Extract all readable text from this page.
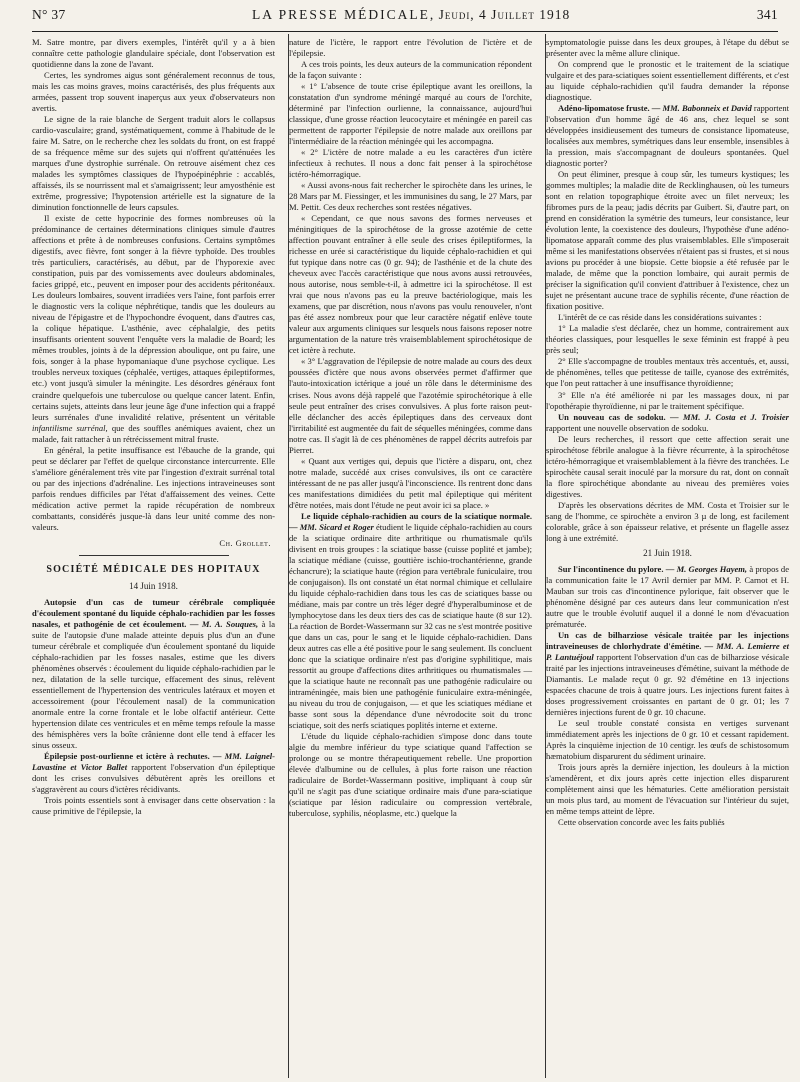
N° 37	LA PRESSE MÉDICALE, Jeudi, 4 Juillet 1918	341

M. Satre montre, par divers exemples, l'intérêt qu'il y a à bien connaître cette pathologie glandulaire spéciale, dont l'observation est quotidienne dans la zone de l'avant.

Certes, les syndromes aigus sont généralement reconnus de tous, mais les cas moins graves, moins caractérisés, des plus fréquents aux armées, passent trop souvent inaperçus aux yeux d'observateurs non avertis.

Le signe de la raie blanche de Sergent traduit alors le collapsus cardio-vasculaire; grand, systématiquement, comme à l'habitude de le faire M. Satre, on le recherche chez les soldats du front, on est frappé de sa fréquence même sur des sujets qui n'offrent qu'atténuées les marques d'une dystrophie surrénale. On retrouve aisément chez ces malades les symptômes classiques de l'hypoépinéphrie : accablés, affaissés, ils se nourrissent mal et s'amaigrissent; leur amyosthénie est extrême, progressive; l'hypotension artérielle est la signature de la diminution fonctionnelle de leurs capsules.

Il existe de cette hypocrinie des formes nombreuses où la prédominance de certaines déterminations cliniques simule d'autres affections et prête à de nombreuses confusions. Certains symptômes digestifs, avec fièvre, font songer à la fièvre typhoïde. Des troubles très particuliers, caractérisés, au début, par de l'hyporexie avec constipation, puis par des vomissements avec douleurs abdominales, facies grippé, etc., peuvent en imposer pour des accidents péritonéaux. Les douleurs lombaires, souvent irradiées vers l'aine, font parfois errer le diagnostic vers la colique néphrétique, tandis que les douleurs au niveau de l'épigastre et de l'hypochondre évoquent, dans d'autres cas, la colique hépatique. L'asthénie, avec céphalalgie, des petits insuffisants orientent souvent l'enquête vers la maladie de Board; les mêmes troubles, joints à de la dépression aboulique, ont pu faire, une fois, songer à la phase hypomaniaque d'une psychose cyclique. Les troubles nerveux toxiques (céphalée, vertiges, attaques épileptiformes, etc.) vont jusqu'à simuler la méningite. Les désordres généraux font craindre quelquefois une tuberculose ou quelque cancer latent. Enfin, certains sujets, atteints dans leur jeune âge d'une infection qui a frappé leurs surrénales d'une invalidité relative, présentent un véritable infantilisme surrénal, que des souffles anémiques avaient, chez un malade, fait rattacher à un rétrécissement mitral fruste.

En général, la petite insuffisance est l'ébauche de la grande, qui peut se déclarer par l'effet de quelque circonstance intercurrente. Elle s'améliore généralement très vite par l'ingestion d'extrait surrénal total ou par des injections d'adrénaline. Les injections intraveineuses sont parfois rendues difficiles par l'état d'affaissement des veines. Cette médication active permet la rapide récupération de nombreux combattants, considérés jusque-là dans leur unité comme des non-valeurs.

Ch. Grollet.
SOCIÉTÉ MÉDICALE DES HOPITAUX
14 Juin 1918.

Autopsie d'un cas de tumeur cérébrale compliquée d'écoulement spontané du liquide céphalo-rachidien par les fosses nasales, et pathogénie de cet écoulement. — M. A. Souques, à la suite de l'autopsie d'une malade atteinte depuis plus d'un an d'une tumeur cérébrale et compliquée d'un écoulement spontané du liquide céphalo-rachidien par les fosses nasales, estime que les divers phénomènes observés : écoulement du liquide céphalo-rachidien par le nez, dilatation de la selle turcique, effacement des sinus, relèvent essentiellement de l'hypertension des ventricules latéraux et moyen et accessoirement (pour l'écoulement nasal) de la communication anormale entre la corne frontale et le lobe olfactif antérieur. Cette hypertension dilate ces ventricules et en même temps refoule la masse des hémisphères vers la boîte crânienne dont elle tend à effacer les sinus osseux.

Épilepsie post-ourlienne et ictère à rechutes. — MM. Laignel-Lavastine et Victor Ballet rapportent l'observation d'un épileptique dont les crises convulsives débutèrent après les oreillons et s'aggravèrent au cours d'ictères récidivants.

Trois points essentiels sont à envisager dans cette observation : la cause primitive de l'épilepsie, la

nature de l'ictère, le rapport entre l'évolution de l'ictère et de l'épilepsie.

A ces trois points, les deux auteurs de la communication répondent de la façon suivante :

« 1° L'absence de toute crise épileptique avant les oreillons, la constatation d'un syndrome méningé marqué au cours de l'orchite, déterminé par l'infection ourlienne, la connaissance, aujourd'hui classique, d'une grosse réaction leucocytaire et méningée en pareil cas permettent de rapporter l'épilepsie de notre malade aux oreillons par l'intermédiaire de la réaction méningée qui les accompagna.

« 2° L'ictère de notre malade a eu les caractères d'un ictère infectieux à rechutes. Il nous a donc fait penser à la spirochétose ictéro-hémorragique.

« Aussi avons-nous fait rechercher le spirochète dans les urines, le 28 Mars par M. Fiessinger, et les immunisines du sang, le 27 Mars, par M. Pettit. Ces deux recherches sont restées négatives.

« Cependant, ce que nous savons des formes nerveuses et méningitiques de la spirochétose de la grosse azotémie de cette affection pouvant entraîner à elle seule des crises épileptiformes, la richesse en urée si caractéristique du liquide céphalo-rachidien et qui fut typique dans notre cas (0 gr. 94); de l'asthénie et de la chute des cheveux avec l'accès caractéristique que nous avons aussi retrouvées, nous autorise, nous semble-t-il, à admettre ici la spirochétose. Il est vrai que nous n'avons pas eu la preuve bactériologique, mais les examens, que par discrétion, nous n'avons pas voulu renouveler, n'ont pas été assez nombreux pour que leur caractère négatif enlève toute valeur aux arguments cliniques sur lesquels nous faisons reposer notre argumentation de la nature très vraisemblablement spirochétosique de cet ictère à rechute.

« 3° L'aggravation de l'épilepsie de notre malade au cours des deux poussées d'ictère que nous avons observées permet d'affirmer que l'auto-intoxication ictérique a joué un rôle dans le déterminisme des crises. Nous avons déjà rappelé que l'azotémie spirochétorique à elle seule peut entraîner des crises convulsives. A plus forte raison peut-elle déclancher des accès épileptiques dans des cerveaux dont l'irritabilité est augmentée du fait de séquelles méningées, comme dans notre cas. Il s'agit là de ces phénomènes de rappel décrits autrefois par Pierret.

« Quant aux vertiges qui, depuis que l'ictère a disparu, ont, chez notre malade, succédé aux crises convulsives, ils ont ce caractère intéressant de ne pas aller jusqu'à l'inconscience. Ils rentrent donc dans ces manifestations dimidiées du petit mal épileptique qui méritent d'être notées, mais dont l'étude ne peut avoir ici sa place. »

Le liquide céphalo-rachidien au cours de la sciatique normale. — MM. Sicard et Roger étudient le liquide céphalo-rachidien au cours de la sciatique ordinaire dite arthritique ou rhumatismale qu'ils divisent en trois groupes : la sciatique basse (cuisse poplité et jambe); la sciatique médiane (cuisse, gouttière ischio-trochantérienne, grande échancrure); la sciatique haute (région para vertébrale funiculaire, trou de conjugaison). Ils ont constaté un état normal chimique et cellulaire du liquide céphalo-rachidien dans tous les cas de sciatiques basse ou médiane, mais par contre un très léger degré d'hyperalbuminose et de lymphocytose dans les deux tiers des cas de sciatique haute (8 sur 12). La réaction de Bordet-Wassermann sur 32 cas ne s'est montrée positive que dans un cas, pour le sang et le liquide céphalo-rachidien. Dans deux autres cas elle a été positive pour le sang seulement. Ils concluent donc que la sciatique ordinaire n'est pas d'origine syphilitique, mais ressortit au groupe d'affections dites arthritiques ou rhumatismales — que la sciatique haute ne reconnaît pas une pathogénie radiculaire ou intraméningée, mais bien une pathogénie funiculaire extra-méningée, au niveau du trou de conjugaison, — et que les sciatiques médiane et basse sont sous la dépendance d'une névrodocite soit du tronc sciatique, soit des nerfs sciatiques poplités interne et externe.

L'étude du liquide céphalo-rachidien s'impose donc dans toute algie du membre inférieur du type sciatique quand l'affection se prolonge ou se montre thérapeutiquement rebelle. Une proportion élevée d'albumine ou de cellules, à plus forte raison une réaction radiculaire de Bordet-Wassermann positive, impliquant à coup sûr qu'il ne s'agit pas d'une sciatique ordinaire mais d'une para-sciatique (sciatique par lésion radiculaire ou compression vertébrale, tuberculose, syphilis, néoplasme, etc.) quelque la

symptomatologie puisse dans les deux groupes, à l'étape du début se présenter avec la même allure clinique.

On comprend que le pronostic et le traitement de la sciatique vulgaire et des para-sciatiques soient essentiellement différents, et c'est au liquide céphalo-rachidien qu'il faudra demander la réponse diagnostique.

Adéno-lipomatose fruste. — MM. Babonneix et David rapportent l'observation d'un homme âgé de 46 ans, chez lequel se sont développées insidieusement des tumeurs de consistance lipomateuse, localisées aux membres, symétriques dans leur ensemble, insensibles à la pression, mais s'accompagnant de douleurs spontanées. Quel diagnostic porter?

On peut éliminer, presque à coup sûr, les tumeurs kystiques; les gommes multiples; la maladie dite de Recklinghausen, où les tumeurs sont en relation topographique étroite avec un filet nerveux; les fibromes purs de la peau; jadis décrits par Guibert. Si, d'autre part, on prend en considération la symétrie des tumeurs, leur consistance, leur évolution lente, la coexistence des douleurs, l'hypothèse d'une adéno-lipomatose apparaît comme des plus vraisemblables. Elle s'imposerait même si les manifestations observées n'étaient pas si frustes, et si nous avions pu procéder à une biopsie. Cette biopsie a été refusée par le malade, de même que la ponction lombaire, qui aurait permis de préciser la signification qu'il convient d'attribuer à l'existence, chez un sujet ne présentant aucune trace de syphilis récente, d'une réaction de fixation positive.

L'intérêt de ce cas réside dans les considérations suivantes :

1° La maladie s'est déclarée, chez un homme, contrairement aux théories classiques, pour lesquelles le sexe féminin est frappé à peu près seul;

2° Elle s'accompagne de troubles mentaux très accentués, et, aussi, de phénomènes, telles que petitesse de taille, cyanose des extrémités, que l'on peut rattacher à une insuffisance thyroïdienne;

3° Elle n'a été améliorée ni par les massages doux, ni par l'opothérapie thyroïdienne, ni par le traitement spécifique.

Un nouveau cas de sodoku. — MM. J. Costa et J. Troisier rapportent une nouvelle observation de sodoku.

De leurs recherches, il ressort que cette affection serait une spirochétose fébrile analogue à la fièvre récurrente, à la spirochétose ictéro-hémorragique et vraisemblablement à la fièvre des tranchées. Le spirochète causal serait inoculé par la morsure du rat, dont on connaît la flore spirochétique abondante au niveau des premières voies digestives.

D'après les observations décrites de MM. Costa et Troisier sur le sang de l'homme, ce spirochète a environ 3 µ de long, est facilement colorable, grâce à son épaisseur relative, et présente un flagelle assez long à une extrémité.

21 Juin 1918.

Sur l'incontinence du pylore. — M. Georges Hayem, à propos de la communication faite le 17 Avril dernier par MM. P. Carnot et H. Mauban sur trois cas d'incontinence pylorique, fait observer que le phénomène désigné par ces auteurs dans leur communication n'est autre que le trouble évolutif auquel il a donné le nom d'évacuation prématurée.

Un cas de bilharziose vésicale traitée par les injections intraveineuses de chlorhydrate d'émétine. — MM. A. Lemierre et P. Lantuéjoul rapportent l'observation d'un cas de bilharziose vésicale traité par les injections intraveineuses d'émétine, suivant la méthode de Diamantis. Le malade reçut 0 gr. 92 d'émétine en 13 injections espacées chacune de trois à quatre jours. Les injections furent faites à doses progressivement croissantes en partant de 0 gr. 01; les 7 dernières injections furent de 0 gr. 10 chacune.

Le seul trouble constaté consista en vertiges survenant immédiatement après les injections de 0 gr. 10 et cessant rapidement. Après la cinquième injection de 10 centigr. les œufs de schistosomum hæmatobium disparurent du sédiment urinaire.

Trois jours après la dernière injection, les douleurs à la miction s'amendèrent, et dix jours après cette injection elles disparurent complètement ainsi que les hématuries. Cette amélioration persistait un mois plus tard, au moment de l'évacuation sur l'intérieur du sujet, en même temps atteint de lèpre.

Cette observation concorde avec les faits publiés
